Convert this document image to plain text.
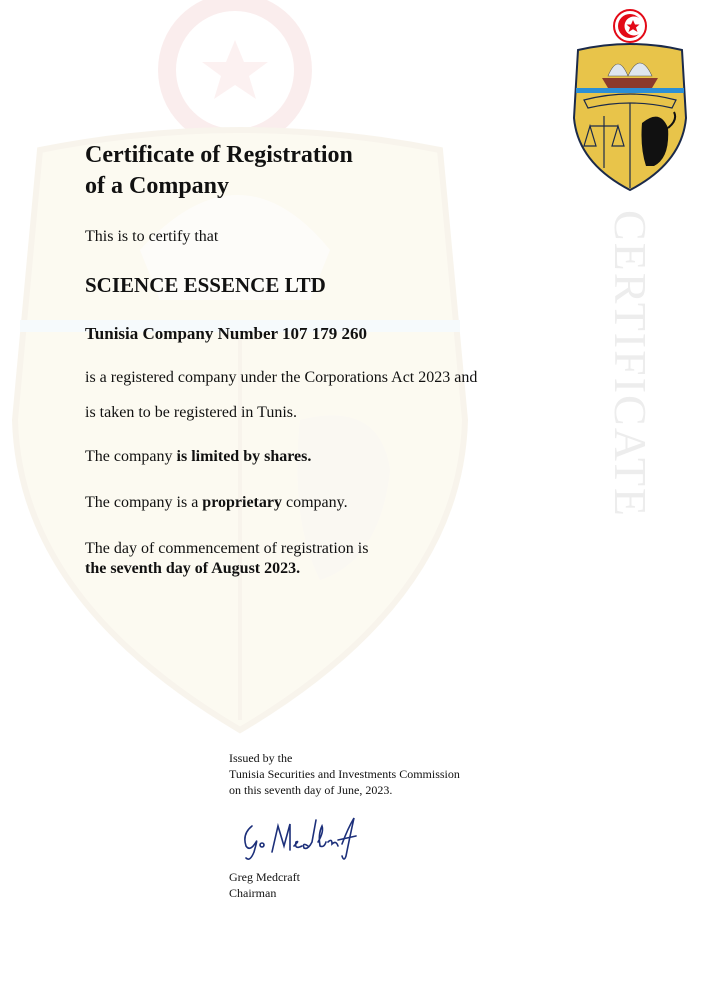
CERTIFICATE
Certificate of Registration
of a Company

This is to certify that

SCIENCE ESSENCE LTD

Tunisia Company Number 107 179 260

is a registered company under the Corporations Act 2023 and

is taken to be registered in Tunis.

The company is limited by shares.

The company is a proprietary company.

The day of commencement of registration is

the seventh day of August 2023.

Issued by the
Tunisia Securities and Investments Commission
on this seventh day of June, 2023.
Greg Medcraft
Chairman
